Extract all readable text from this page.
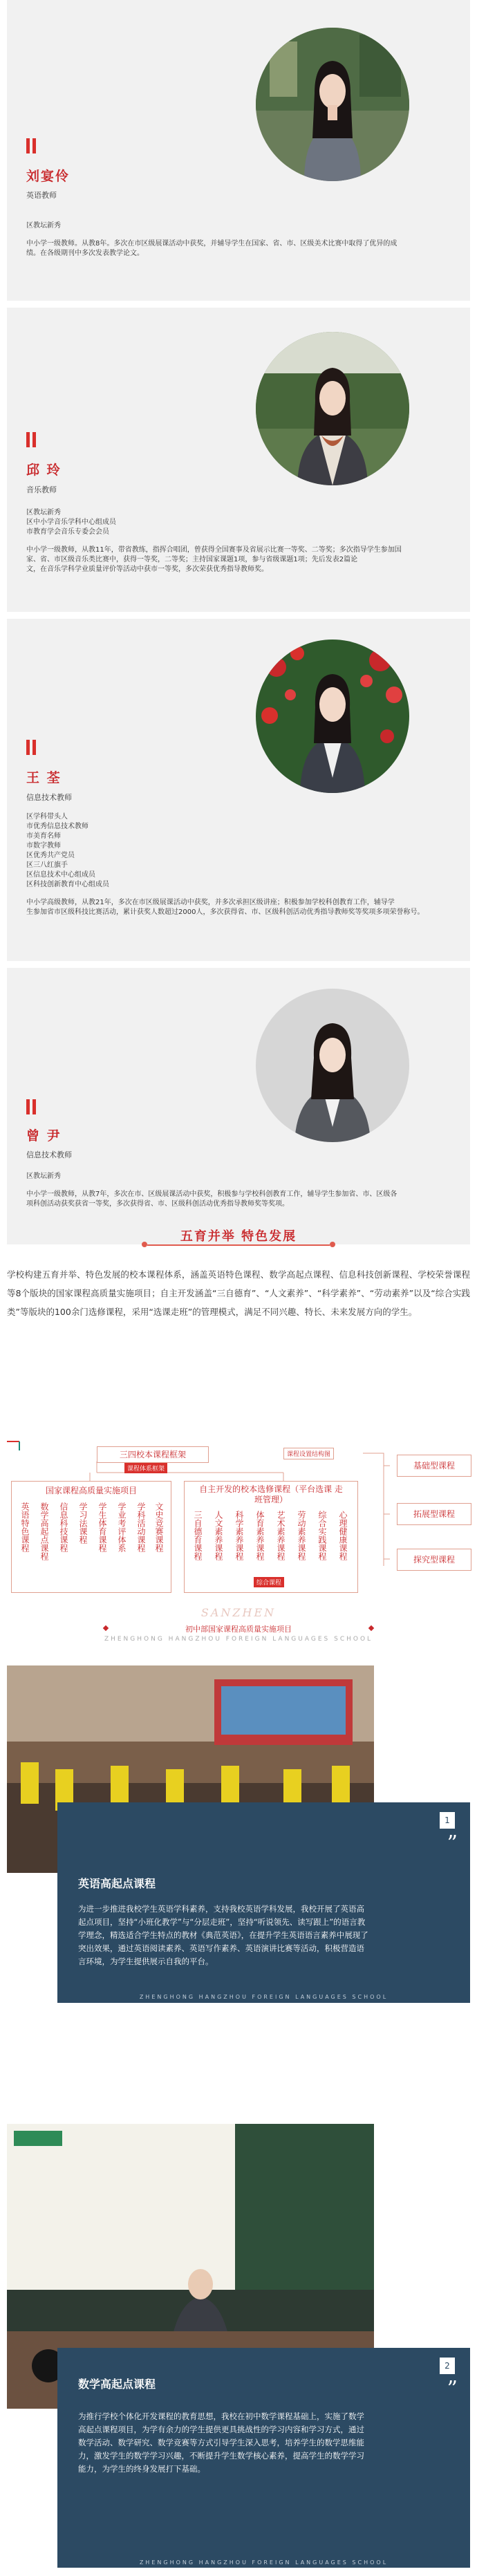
刘宴伶
英语教师

区教坛新秀

中小学一级教师。从教8年。多次在市区级展课活动中获奖，并辅导学生在国家、省、市、区级美术比赛中取得了优异的成

绩。在各级期刊中多次发表教学论文。

邱 玲
音乐教师

区教坛新秀

区中小学音乐学科中心组成员

市教育学会音乐专委会会员

中小学一级教师，从教11年，带省教练，指挥合唱团，曾获得全国赛事及省展示比赛一等奖、二等奖；多次指导学生参加国

家、省、市区级音乐类比赛中，获得一等奖，二等奖；主持国家课题1项，参与省级课题1项；先后发表2篇论

文，在音乐学科学业质量评价等活动中获市一等奖，多次荣获优秀指导教师奖。

王 荃
信息技术教师

区学科带头人

市优秀信息技术教师

市美育名师

市数字教师

区优秀共产党员

区三八红旗手

区信息技术中心组成员

区科技创新教育中心组成员

中小学高级教师，从教21年，多次在市区级展课活动中获奖，并多次承担区级讲座；积极参加学校科创教育工作，辅导学

生参加省市区级科技比赛活动，累计获奖人数超过2000人，多次获得省、市、区级科创活动优秀指导教师奖等奖项多项荣誉称号。

曾 尹
信息技术教师

区教坛新秀

中小学一级教师，从教7年，多次在市、区级展课活动中获奖，积极参与学校科创教育工作，辅导学生参加省、市、区级各

项科创活动获奖获省一等奖，多次获得省、市、区级科创活动优秀指导教师奖等奖项。

五育并举 特色发展

学校构建五育并举、特色发展的校本课程体系，涵盖英语特色课程、数学高起点课程、信息科技创新课程、学校荣誉课程等8个版块的国家课程高质量实施项目；自主开发涵盖“三自德育”、“人文素养”、“科学素养”、“劳动素养”以及“综合实践类”等版块的100余门选修课程，采用“选课走班”的管理模式，满足不同兴趣、特长、未来发展方向的学生。

三四校本课程框架
课程体系框架
课程设置结构图
国家课程高质量实施项目
英语特色课程 数学高起点课程 信息科技课程 学习法课程 学生体育课程 学业考评体系 学科活动课程 文史竞赛课程
自主开发的校本选修课程（平台选课 走班管理）
三自德育课程 人文素养课程 科学素养课程 体育素养课程 艺术素养课程 劳动素养课程 综合实践课程 心理健康课程
综合课程
基础型课程
拓展型课程
探究型课程
SANZHEN
初中部国家课程高质量实施项目
ZHENGHONG HANGZHOU FOREIGN LANGUAGES SCHOOL
1
”
英语高起点课程
为进一步推进我校学生英语学科素养，支持我校英语学科发展，我校开展了英语高起点项目，坚持“小班化教学”与“分层走班”，坚持“听说领先、读写跟上”的语言教学理念，精选适合学生特点的教材《典范英语》，在提升学生英语语言素养中展现了突出效果，通过英语阅读素养、英语写作素养、英语演讲比赛等活动，积极营造语言环境，为学生提供展示自我的平台。
ZHENGHONG HANGZHOU FOREIGN LANGUAGES SCHOOL
2
”
数学高起点课程
为推行学校个体化开发课程的教育思想，我校在初中数学课程基础上，实施了数学高起点课程项目，为学有余力的学生提供更具挑战性的学习内容和学习方式，通过数学活动、数学研究、数学竞赛等方式引导学生深入思考，培养学生的数学思维能力，激发学生的数学学习兴趣，不断提升学生数学核心素养，提高学生的数学学习能力，为学生的终身发展打下基础。
ZHENGHONG HANGZHOU FOREIGN LANGUAGES SCHOOL
